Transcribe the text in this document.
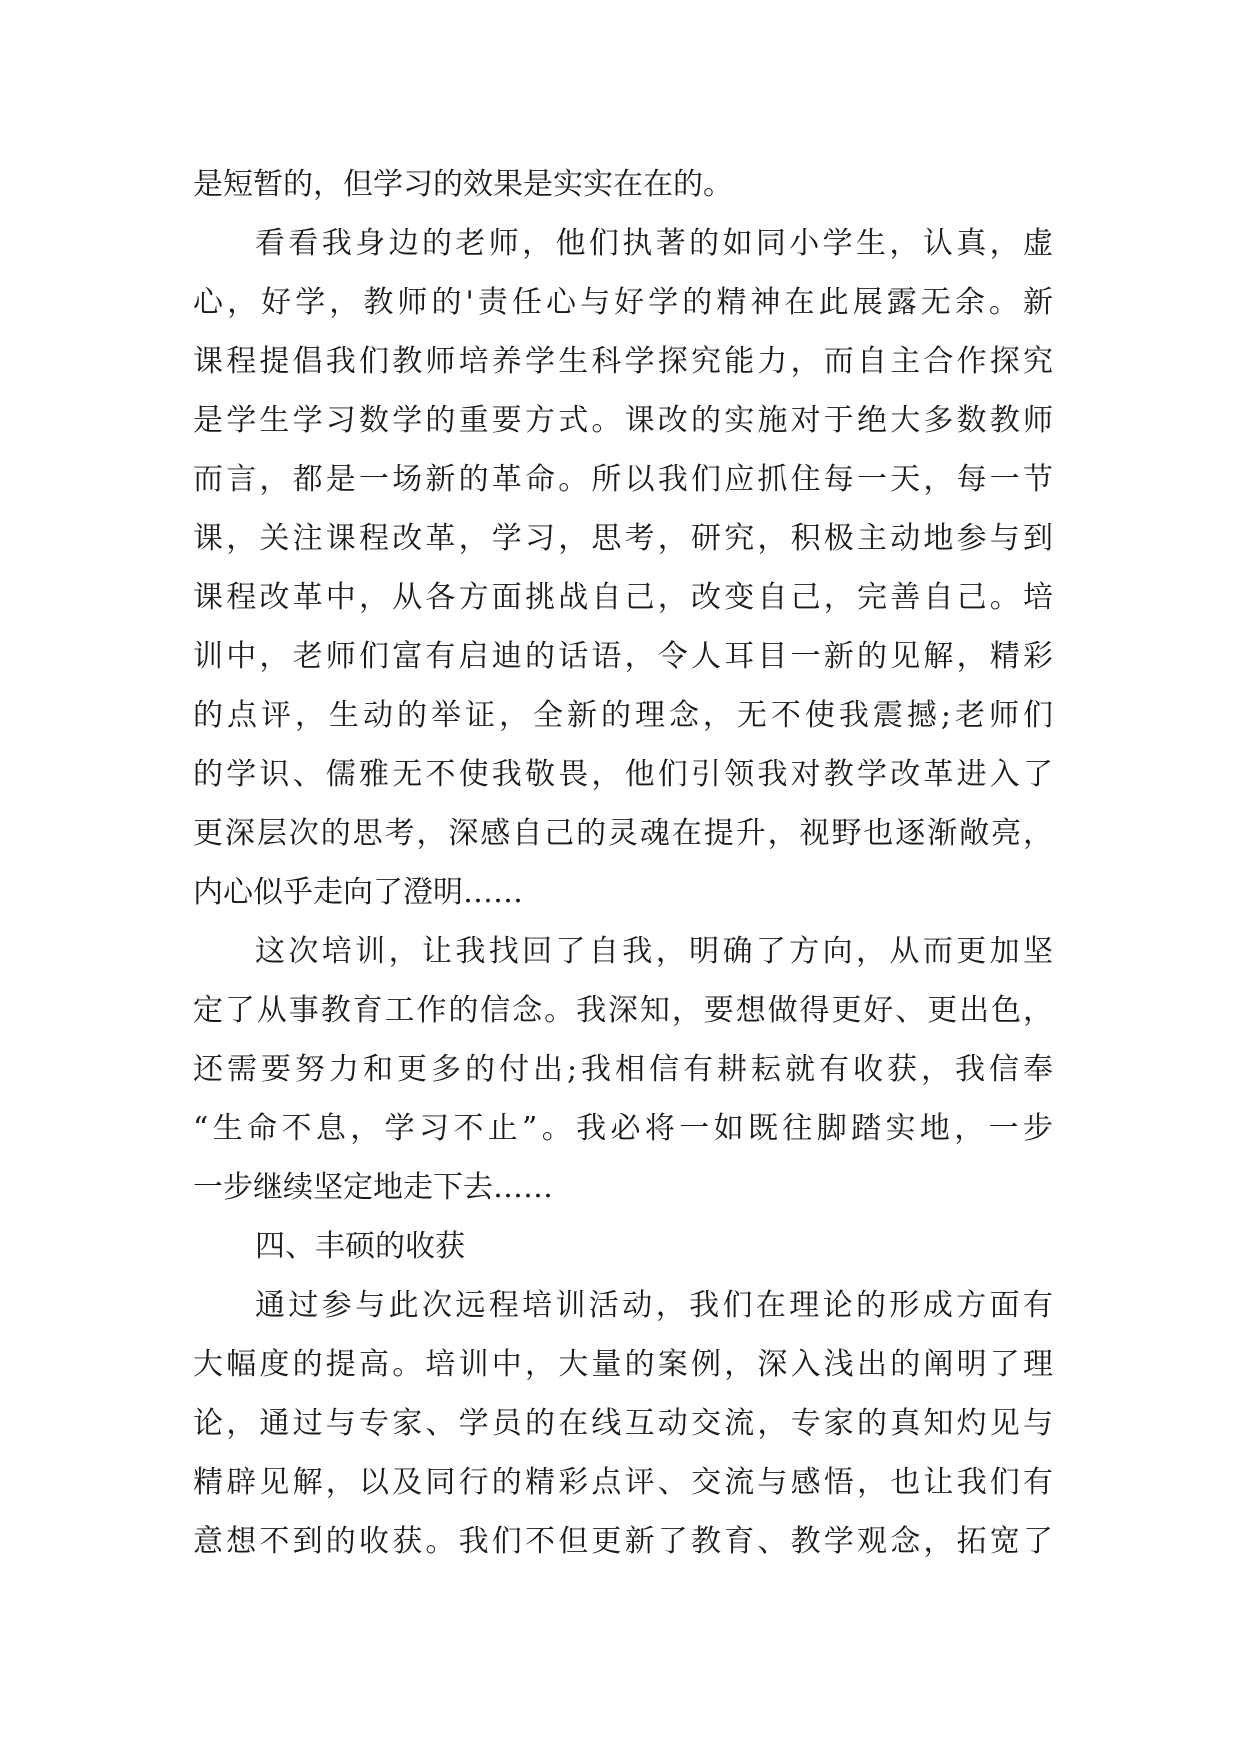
是短暂的，但学习的效果是实实在在的。
看看我身边的老师，他们执著的如同小学生，认真，虚
心，好学，教师的'责任心与好学的精神在此展露无余。新
课程提倡我们教师培养学生科学探究能力，而自主合作探究
是学生学习数学的重要方式。课改的实施对于绝大多数教师
而言，都是一场新的革命。所以我们应抓住每一天，每一节
课，关注课程改革，学习，思考，研究，积极主动地参与到
课程改革中，从各方面挑战自己，改变自己，完善自己。培
训中，老师们富有启迪的话语，令人耳目一新的见解，精彩
的点评，生动的举证，全新的理念，无不使我震撼;老师们
的学识、儒雅无不使我敬畏，他们引领我对教学改革进入了
更深层次的思考，深感自己的灵魂在提升，视野也逐渐敞亮，
内心似乎走向了澄明……
这次培训，让我找回了自我，明确了方向，从而更加坚
定了从事教育工作的信念。我深知，要想做得更好、更出色，
还需要努力和更多的付出;我相信有耕耘就有收获，我信奉
“生命不息，学习不止”。我必将一如既往脚踏实地，一步
一步继续坚定地走下去……
四、丰硕的收获
通过参与此次远程培训活动，我们在理论的形成方面有
大幅度的提高。培训中，大量的案例，深入浅出的阐明了理
论，通过与专家、学员的在线互动交流，专家的真知灼见与
精辟见解，以及同行的精彩点评、交流与感悟，也让我们有
意想不到的收获。我们不但更新了教育、教学观念，拓宽了
